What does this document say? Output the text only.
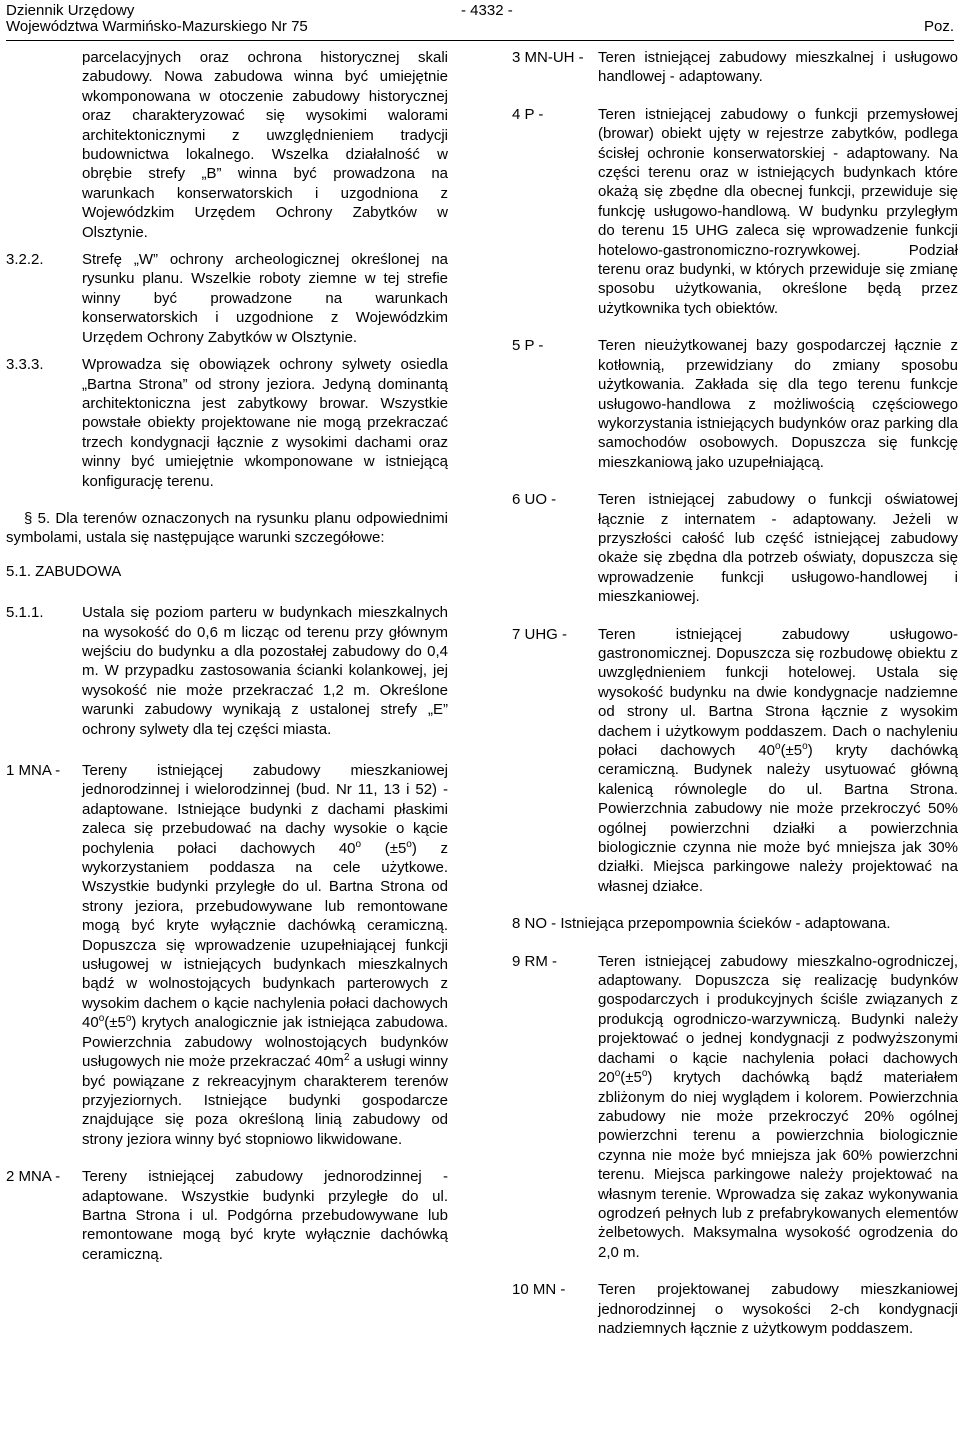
Dziennik Urzędowy
Województwa Warmińsko-Mazurskiego Nr 75
- 4332 -
Poz.

parcelacyjnych oraz ochrona historycznej skali zabudowy. Nowa zabudowa winna być umiejętnie wkomponowana w otoczenie zabudowy historycznej oraz charakteryzować się wysokimi walorami architektonicznymi z uwzględnieniem tradycji budownictwa lokalnego. Wszelka działalność w obrębie strefy „B” winna być prowadzona na warunkach konserwatorskich i uzgodniona z Wojewódzkim Urzędem Ochrony Zabytków w Olsztynie.

3.2.2.	Strefę „W” ochrony archeologicznej określonej na rysunku planu. Wszelkie roboty ziemne w tej strefie winny być prowadzone na warunkach konserwatorskich i uzgodnione z Wojewódzkim Urzędem Ochrony Zabytków w Olsztynie.
3.3.3.	Wprowadza się obowiązek ochrony sylwety osiedla „Bartna Strona” od strony jeziora. Jedyną dominantą architektoniczna jest zabytkowy browar. Wszystkie powstałe obiekty projektowane nie mogą przekraczać trzech kondygnacji łącznie z wysokimi dachami oraz winny być umiejętnie wkomponowane w istniejącą konfigurację terenu.

§ 5. Dla terenów oznaczonych na rysunku planu odpowiednimi symbolami, ustala się następujące warunki szczegółowe:

5.1. ZABUDOWA

5.1.1.	Ustala się poziom parteru w budynkach mieszkalnych na wysokość do 0,6 m licząc od terenu przy głównym wejściu do budynku a dla pozostałej zabudowy do 0,4 m. W przypadku zastosowania ścianki kolankowej, jej wysokość nie może przekraczać 1,2 m. Określone warunki zabudowy wynikają z ustalonej strefy „E” ochrony sylwety dla tej części miasta.
1 MNA - Tereny istniejącej zabudowy mieszkaniowej jednorodzinnej i wielorodzinnej (bud. Nr 11, 13 i 52) - adaptowane. Istniejące budynki z dachami płaskimi zaleca się przebudować na dachy wysokie o kącie pochylenia połaci dachowych 40$^o$ $(\pm 5^o)$ z wykorzystaniem poddasza na cele użytkowe. Wszystkie budynki przyległe do ul. Bartna Strona od strony jeziora, przebudowywane lub remontowane mogą być kryte wyłącznie dachówką ceramiczną. Dopuszcza się wprowadzenie uzupełniającej funkcji usługowej w istniejących budynkach mieszkalnych bądź w wolnostojących budynkach parterowych z wysokim dachem o kącie nachylenia połaci dachowych $40^o(\pm 5^o)$ krytych analogicznie jak istniejąca zabudowa. Powierzchnia zabudowy wolnostojących budynków usługowych nie może przekraczać $40m^2$ a usługi winny być powiązane z rekreacyjnym charakterem terenów przyjeziornych. Istniejące budynki gospodarcze znajdujące się poza określoną linią zabudowy od strony jeziora winny być stopniowo likwidowane.
2 MNA - Tereny istniejącej zabudowy jednorodzinnej - adaptowane. Wszystkie budynki przyległe do ul. Bartna Strona i ul. Podgórna przebudowywane lub remontowane mogą być kryte wyłącznie dachówką ceramiczną.
3 MN-UH - Teren istniejącej zabudowy mieszkalnej i usługowo handlowej - adaptowany.
4 P -	Teren istniejącej zabudowy o funkcji przemysłowej (browar) obiekt ujęty w rejestrze zabytków, podlega ścisłej ochronie konserwatorskiej - adaptowany. Na części terenu oraz w istniejących budynkach które okażą się zbędne dla obecnej funkcji, przewiduje się funkcję usługowo-handlową. W budynku przyległym do terenu 15 UHG zaleca się wprowadzenie funkcji hotelowo-gastronomiczno-rozrywkowej. Podział terenu oraz budynki, w których przewiduje się zmianę sposobu użytkowania, określone będą przez użytkownika tych obiektów.
5 P -	Teren nieużytkowanej bazy gospodarczej łącznie z kotłownią, przewidziany do zmiany sposobu użytkowania. Zakłada się dla tego terenu funkcje usługowo-handlowa z możliwością częściowego wykorzystania istniejących budynków oraz parking dla samochodów osobowych. Dopuszcza się funkcję mieszkaniową jako uzupełniającą.
6 UO -	Teren istniejącej zabudowy o funkcji oświatowej łącznie z internatem - adaptowany. Jeżeli w przyszłości całość lub część istniejącej zabudowy okaże się zbędna dla potrzeb oświaty, dopuszcza się wprowadzenie funkcji usługowo-handlowej i mieszkaniowej.
7 UHG - Teren istniejącej zabudowy usługowo-gastronomicznej. Dopuszcza się rozbudowę obiektu z uwzględnieniem funkcji hotelowej. Ustala się wysokość budynku na dwie kondygnacje nadziemne od strony ul. Bartna Strona łącznie z wysokim dachem i użytkowym poddaszem. Dach o nachyleniu połaci dachowych $40^o(\pm 5^o)$ kryty dachówką ceramiczną. Budynek należy usytuować główną kalenicą równolegle do ul. Bartna Strona. Powierzchnia zabudowy nie może przekroczyć 50% ogólnej powierzchni działki a powierzchnia biologicznie czynna nie może być mniejsza jak 30% działki. Miejsca parkingowe należy projektować na własnej działce.

8 NO - Istniejąca przepompownia ścieków - adaptowana.

9 RM -	Teren istniejącej zabudowy mieszkalno-ogrodniczej, adaptowany. Dopuszcza się realizację budynków gospodarczych i produkcyjnych ściśle związanych z produkcją ogrodniczo-warzywniczą. Budynki należy projektować o jednej kondygnacji z podwyższonymi dachami o kącie nachylenia połaci dachowych $20^o(\pm 5^o)$ krytych dachówką bądź materiałem zbliżonym do niej wyglądem i kolorem. Powierzchnia zabudowy nie może przekroczyć 20% ogólnej powierzchni terenu a powierzchnia biologicznie czynna nie może być mniejsza jak 60% powierzchni terenu. Miejsca parkingowe należy projektować na własnym terenie. Wprowadza się zakaz wykonywania ogrodzeń pełnych lub z prefabrykowanych elementów żelbetowych. Maksymalna wysokość ogrodzenia do 2,0 m.
10 MN - Teren projektowanej zabudowy mieszkaniowej jednorodzinnej o wysokości 2-ch kondygnacji nadziemnych łącznie z użytkowym poddaszem.
